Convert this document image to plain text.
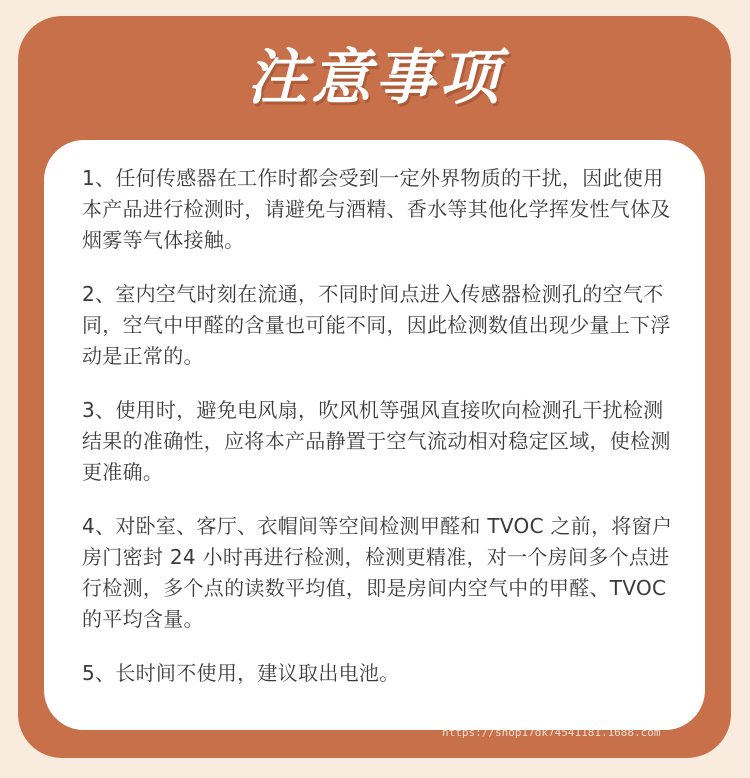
注意事项
1、任何传感器在工作时都会受到一定外界物质的干扰，因此使用本产品进行检测时，请避免与酒精、香水等其他化学挥发性气体及烟雾等气体接触。
2、室内空气时刻在流通，不同时间点进入传感器检测孔的空气不同，空气中甲醛的含量也可能不同，因此检测数值出现少量上下浮动是正常的。
3、使用时，避免电风扇，吹风机等强风直接吹向检测孔干扰检测结果的准确性，应将本产品静置于空气流动相对稳定区域，使检测更准确。
4、对卧室、客厅、衣帽间等空间检测甲醛和 TVOC 之前，将窗户房门密封 24 小时再进行检测，检测更精准，对一个房间多个点进行检测，多个点的读数平均值，即是房间内空气中的甲醛、TVOC 的平均含量。
5、长时间不使用，建议取出电池。
https://shop17dk74541181.1688.com
